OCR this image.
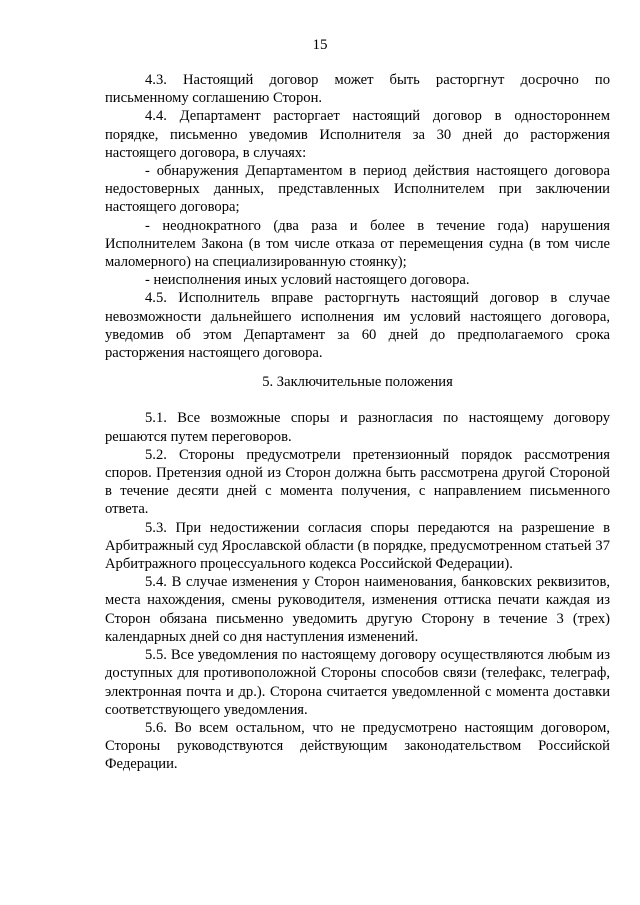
15

4.3. Настоящий договор может быть расторгнут досрочно по письменному соглашению Сторон.

4.4. Департамент расторгает настоящий договор в одностороннем порядке, письменно уведомив Исполнителя за 30 дней до расторжения настоящего договора, в случаях:

- обнаружения Департаментом в период действия настоящего договора недостоверных данных, представленных Исполнителем при заключении настоящего договора;

- неоднократного (два раза и более в течение года) нарушения Исполнителем Закона (в том числе отказа от перемещения судна (в том числе маломерного) на специализированную стоянку);

- неисполнения иных условий настоящего договора.

4.5. Исполнитель вправе расторгнуть настоящий договор в случае невозможности дальнейшего исполнения им условий настоящего договора, уведомив об этом Департамент за 60 дней до предполагаемого срока расторжения настоящего договора.

5. Заключительные положения

5.1. Все возможные споры и разногласия по настоящему договору решаются путем переговоров.

5.2. Стороны предусмотрели претензионный порядок рассмотрения споров. Претензия одной из Сторон должна быть рассмотрена другой Стороной в течение десяти дней с момента получения, с направлением письменного ответа.

5.3. При недостижении согласия споры передаются на разрешение в Арбитражный суд Ярославской области (в порядке, предусмотренном статьей 37 Арбитражного процессуального кодекса Российской Федерации).

5.4. В случае изменения у Сторон наименования, банковских реквизитов, места нахождения, смены руководителя, изменения оттиска печати каждая из Сторон обязана письменно уведомить другую Сторону в течение 3 (трех) календарных дней со дня наступления изменений.

5.5. Все уведомления по настоящему договору осуществляются любым из доступных для противоположной Стороны способов связи (телефакс, телеграф, электронная почта и др.). Сторона считается уведомленной с момента доставки соответствующего уведомления.

5.6. Во всем остальном, что не предусмотрено настоящим договором, Стороны руководствуются действующим законодательством Российской Федерации.
